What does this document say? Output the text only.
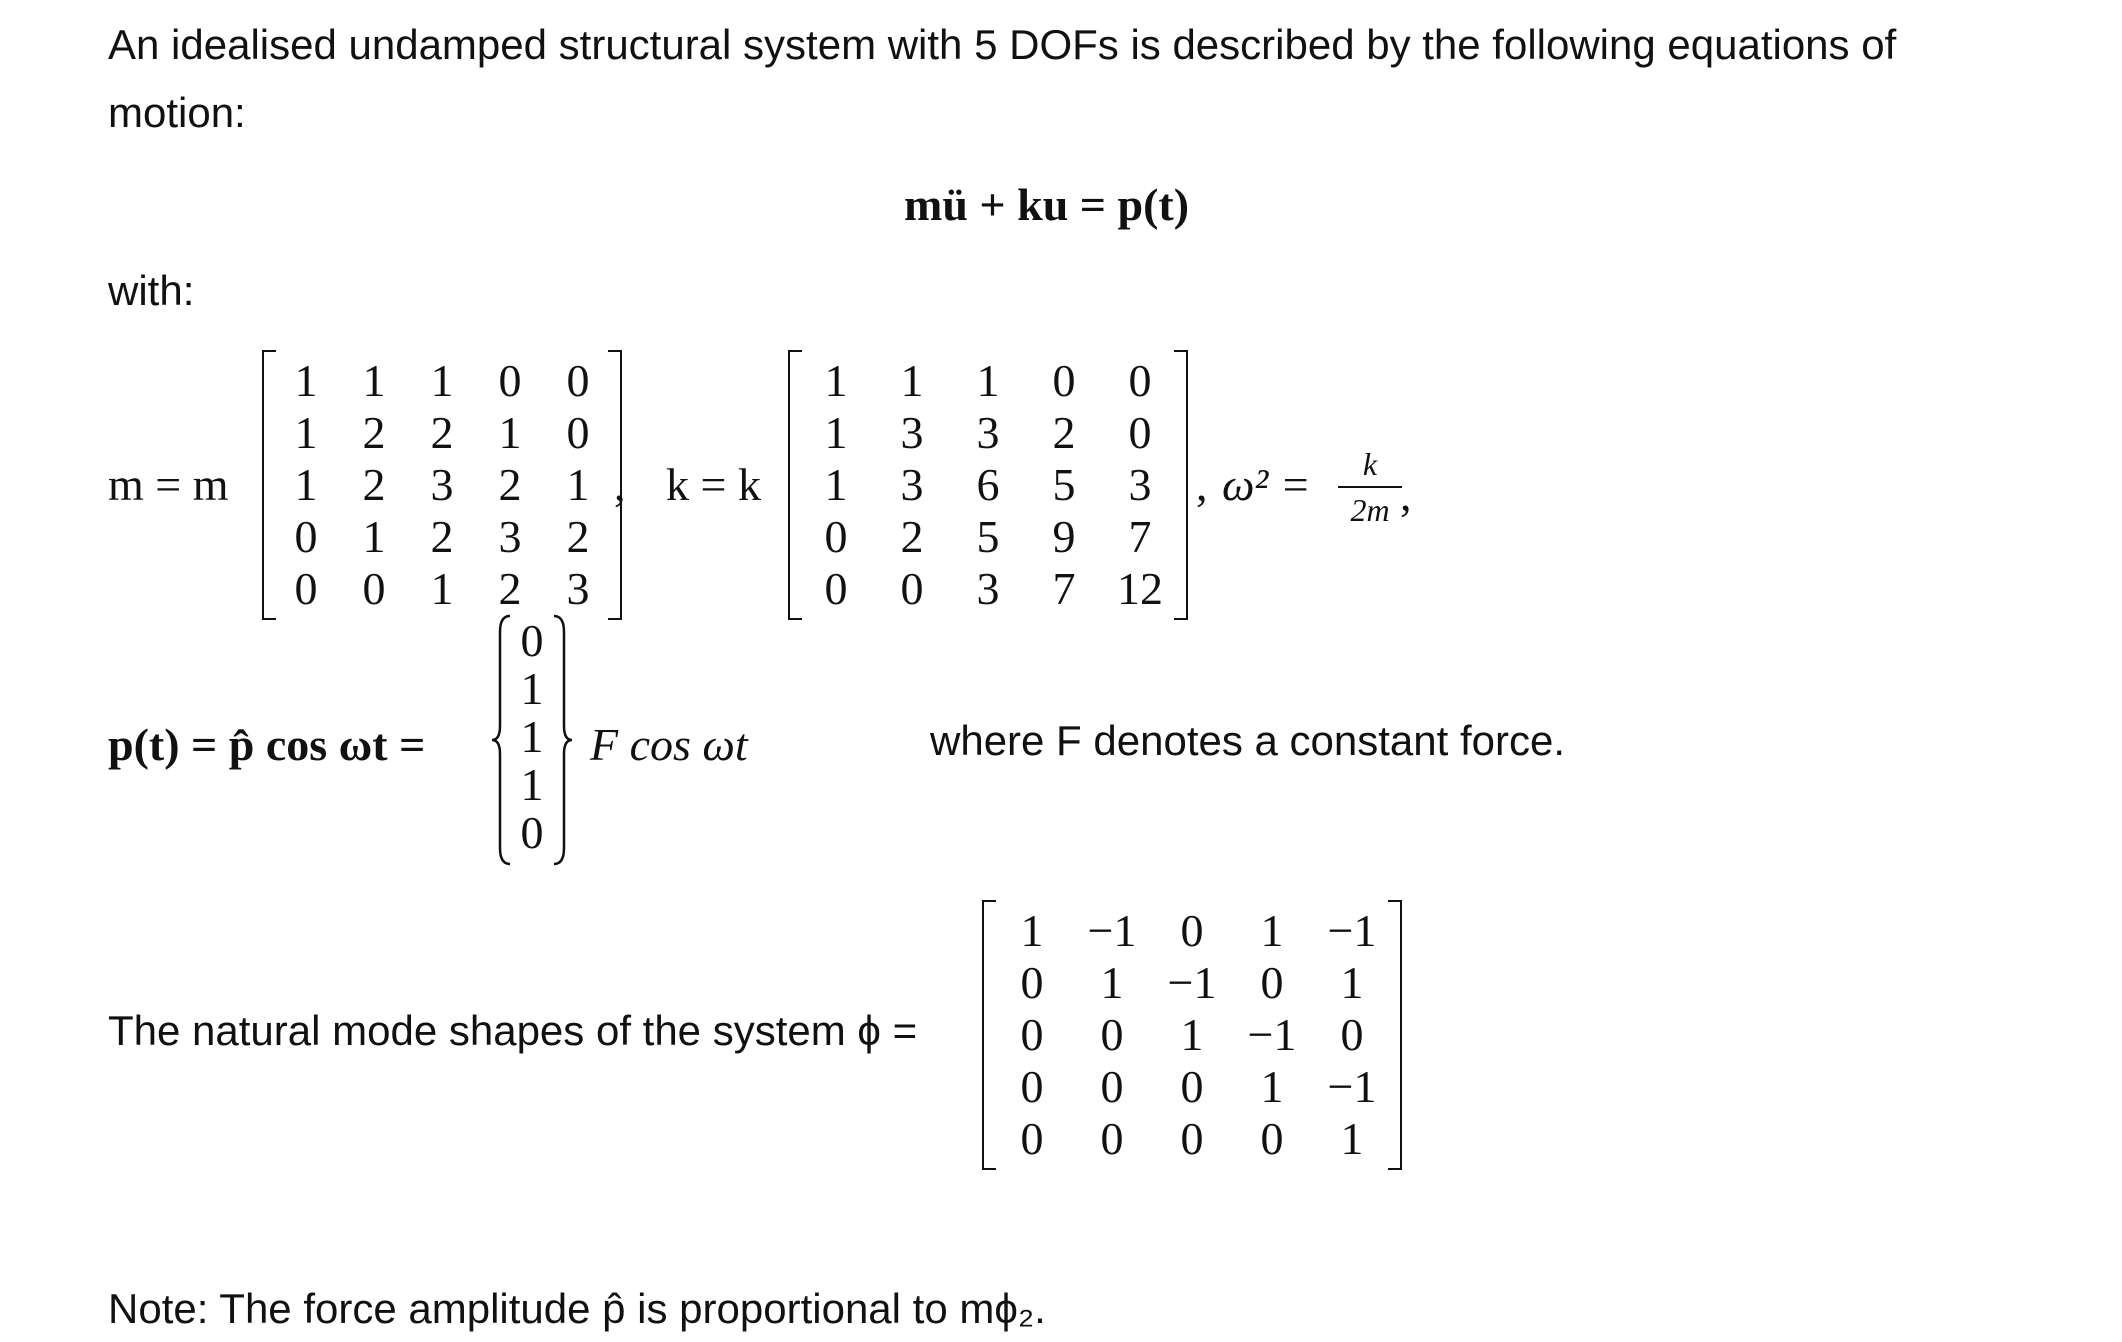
An idealised undamped structural system with 5 DOFs is described by the following equations of
motion:
mü + ku = p(t)
with:
m = m
1 1 1 0 0
1 2 2 1 0
1 2 3 2 1
0 1 2 3 2
0 0 1 2 3
, k = k
1	1	1	0	0
1	3	3	2	0
1	3	6	5	3
0	2	5	9	7
0	0	3	7 12
, ω² =	k
2m ,
p(t) = p̂ cos ωt =
0
1
1
1
0
F cos ωt	where F denotes a constant force.
The natural mode shapes of the system ϕ =
1 −1 0	1 −1
0	1 −1 0	1
0	0	1 −1 0
0	0	0	1 −1
0	0	0	0	1
Note: The force amplitude p̂ is proportional to mϕ₂.
